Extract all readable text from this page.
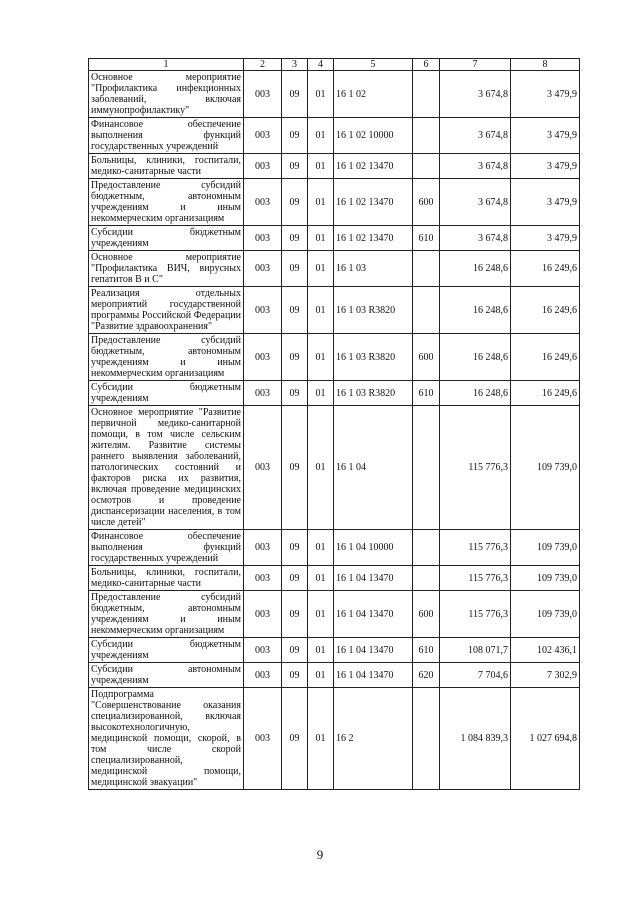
1	2	3	4	5	6	7	8
Основное мероприятие "Профилактика инфекционных заболеваний, включая иммунопрофилактику"	003	09	01	16 1 02		3 674,8	3 479,9
Финансовое обеспечение выполнения функций государственных учреждений	003	09	01	16 1 02 10000		3 674,8	3 479,9
Больницы, клиники, госпитали, медико-санитарные части	003	09	01	16 1 02 13470		3 674,8	3 479,9
Предоставление субсидий бюджетным, автономным учреждениям и иным некоммерческим организациям	003	09	01	16 1 02 13470	600	3 674,8	3 479,9
Субсидии бюджетным учреждениям	003	09	01	16 1 02 13470	610	3 674,8	3 479,9
Основное мероприятие "Профилактика ВИЧ, вирусных гепатитов В и С"	003	09	01	16 1 03		16 248,6	16 249,6
Реализация отдельных мероприятий государственной программы Российской Федерации "Развитие здравоохранения"	003	09	01	16 1 03 R3820		16 248,6	16 249,6
Предоставление субсидий бюджетным, автономным учреждениям и иным некоммерческим организациям	003	09	01	16 1 03 R3820	600	16 248,6	16 249,6
Субсидии бюджетным учреждениям	003	09	01	16 1 03 R3820	610	16 248,6	16 249,6
Основное мероприятие "Развитие первичной медико-санитарной помощи, в том числе сельским жителям. Развитие системы раннего выявления заболеваний, патологических состояний и факторов риска их развития, включая проведение медицинских осмотров и проведение диспансеризации населения, в том числе детей"	003	09	01	16 1 04		115 776,3	109 739,0
Финансовое обеспечение выполнения функций государственных учреждений	003	09	01	16 1 04 10000		115 776,3	109 739,0
Больницы, клиники, госпитали, медико-санитарные части	003	09	01	16 1 04 13470		115 776,3	109 739,0
Предоставление субсидий бюджетным, автономным учреждениям и иным некоммерческим организациям	003	09	01	16 1 04 13470	600	115 776,3	109 739,0
Субсидии бюджетным учреждениям	003	09	01	16 1 04 13470	610	108 071,7	102 436,1
Субсидии автономным учреждениям	003	09	01	16 1 04 13470	620	7 704,6	7 302,9
Подпрограмма "Совершенствование оказания специализированной, включая высокотехнологичную, медицинской помощи, скорой, в том числе скорой специализированной, медицинской помощи, медицинской эвакуации"	003	09	01	16 2		1 084 839,3	1 027 694,8
9
